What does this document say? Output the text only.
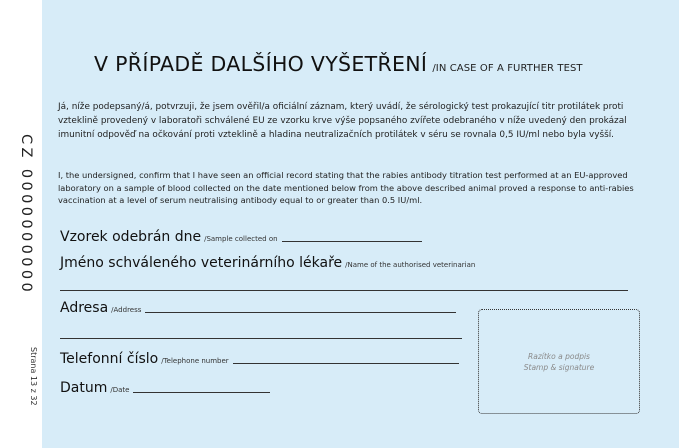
CZ 0000000000
Strana 13 z 32
V PŘÍPADĚ DALŠÍHO VYŠETŘENÍ /IN CASE OF A FURTHER TEST
Já, níže podepsaný/á, potvrzuji, že jsem ověřil/a oficiální záznam, který uvádí, že sérologický test prokazující titr protilátek proti vzteklině provedený v laboratoři schválené EU ze vzorku krve výše popsaného zvířete odebraného v níže uvedený den prokázal imunitní odpověď na očkování proti vzteklině a hladina neutralizačních protilátek v séru se rovnala 0,5 IU/ml nebo byla vyšší.
I, the undersigned, confirm that I have seen an official record stating that the rabies antibody titration test performed at an EU-approved laboratory on a sample of blood collected on the date mentioned below from the above described animal proved a response to anti-rabies vaccination at a level of serum neutralising antibody equal to or greater than 0.5 IU/ml.
Vzorek odebrán dne /Sample collected on
Jméno schváleného veterinárního lékaře /Name of the authorised veterinarian
Adresa /Address
Telefonní číslo /Telephone number
Datum /Date
Razítko a podpis
Stamp & signature
